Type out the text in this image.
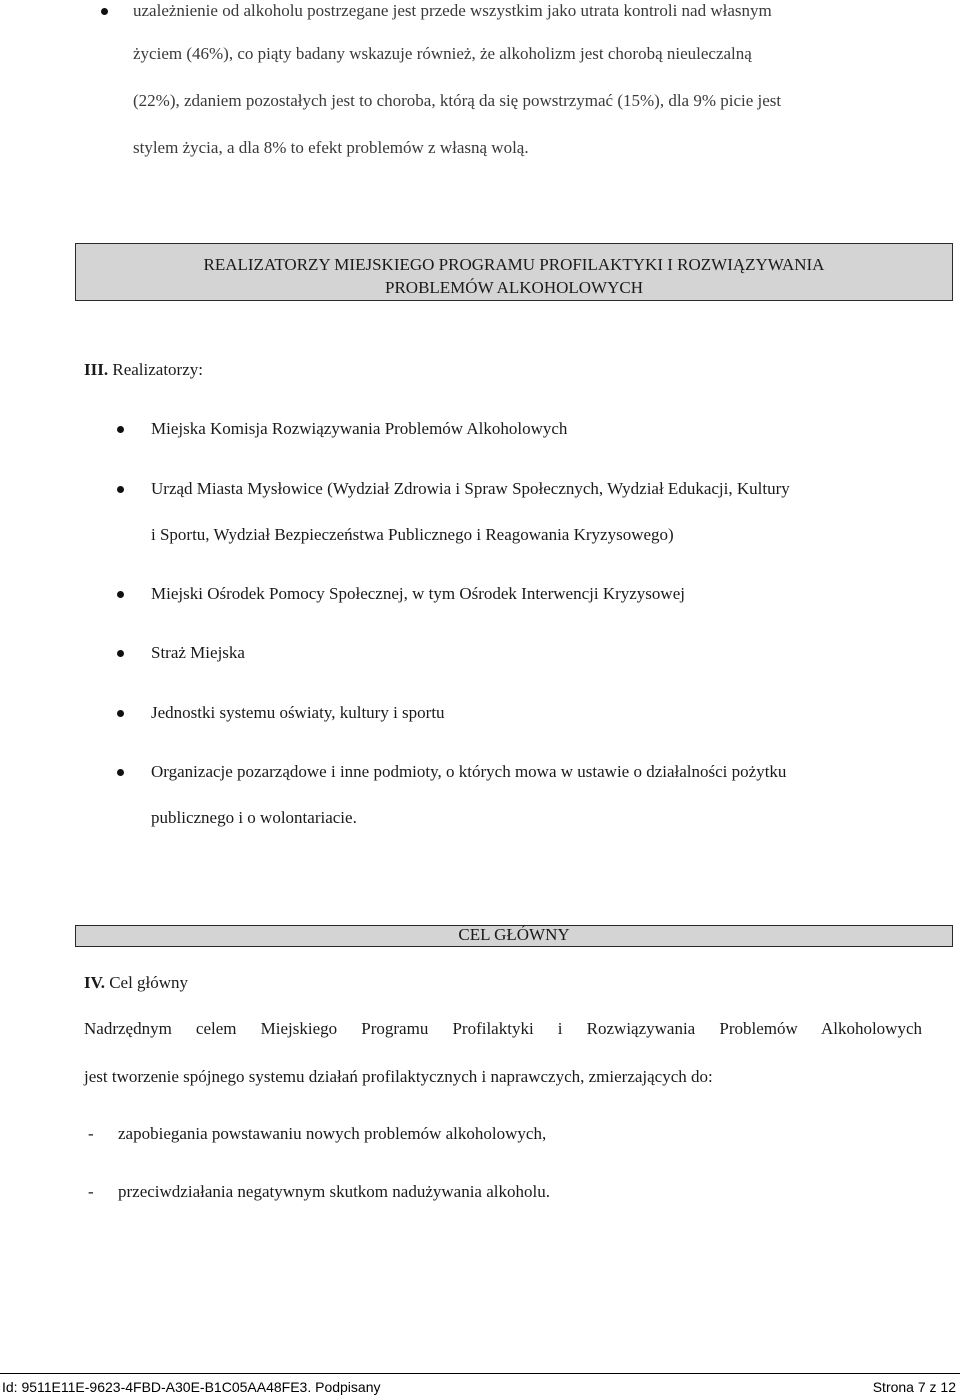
uzależnienie od alkoholu postrzegane jest przede wszystkim jako utrata kontroli nad własnym
życiem (46%), co piąty badany wskazuje również, że alkoholizm jest chorobą nieuleczalną
(22%), zdaniem pozostałych jest to choroba, którą da się powstrzymać (15%), dla 9% picie jest
stylem życia, a dla 8% to efekt problemów z własną wolą.
REALIZATORZY MIEJSKIEGO PROGRAMU PROFILAKTYKI I ROZWIĄZYWANIA
PROBLEMÓW ALKOHOLOWYCH
III. Realizatorzy:
Miejska Komisja Rozwiązywania Problemów Alkoholowych
Urząd Miasta Mysłowice (Wydział Zdrowia i Spraw Społecznych, Wydział Edukacji, Kultury
i Sportu, Wydział Bezpieczeństwa Publicznego i Reagowania Kryzysowego)
Miejski Ośrodek Pomocy Społecznej, w tym Ośrodek Interwencji Kryzysowej
Straż Miejska
Jednostki systemu oświaty, kultury i sportu
Organizacje pozarządowe i inne podmioty, o których mowa w ustawie o działalności pożytku
publicznego i o wolontariacie.
CEL GŁÓWNY
IV. Cel główny
Nadrzędnym celem Miejskiego Programu Profilaktyki i Rozwiązywania Problemów Alkoholowych
jest tworzenie spójnego systemu działań profilaktycznych i naprawczych, zmierzających do:
- zapobiegania powstawaniu nowych problemów alkoholowych,
- przeciwdziałania negatywnym skutkom nadużywania alkoholu.
Id: 9511E11E-9623-4FBD-A30E-B1C05AA48FE3. Podpisany	Strona 7 z 12
